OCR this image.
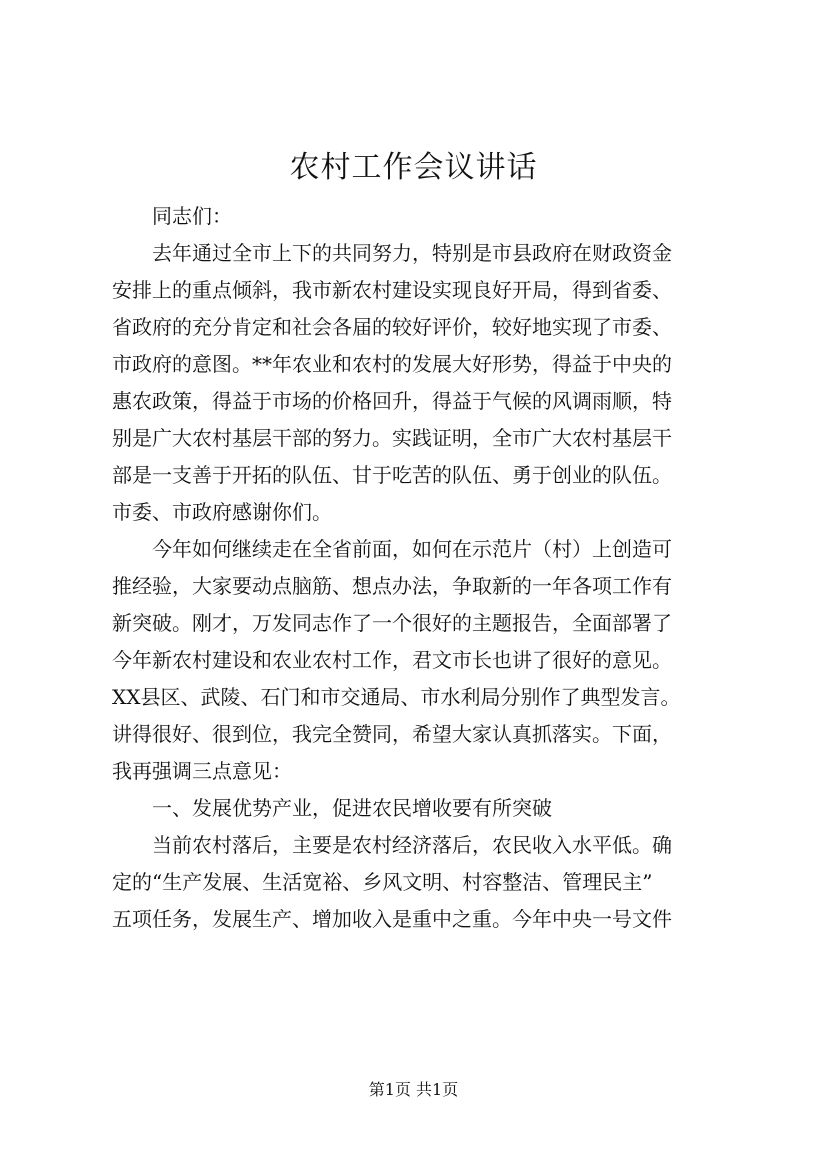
农村工作会议讲话
同志们：
去年通过全市上下的共同努力，特别是市县政府在财政资金
安排上的重点倾斜，我市新农村建设实现良好开局，得到省委、
省政府的充分肯定和社会各届的较好评价，较好地实现了市委、
市政府的意图。**年农业和农村的发展大好形势，得益于中央的
惠农政策，得益于市场的价格回升，得益于气候的风调雨顺，特
别是广大农村基层干部的努力。实践证明，全市广大农村基层干
部是一支善于开拓的队伍、甘于吃苦的队伍、勇于创业的队伍。
市委、市政府感谢你们。
今年如何继续走在全省前面，如何在示范片（村）上创造可
推经验，大家要动点脑筋、想点办法，争取新的一年各项工作有
新突破。刚才，万发同志作了一个很好的主题报告，全面部署了
今年新农村建设和农业农村工作，君文市长也讲了很好的意见。
XX县区、武陵、石门和市交通局、市水利局分别作了典型发言。
讲得很好、很到位，我完全赞同，希望大家认真抓落实。下面，
我再强调三点意见：
一、发展优势产业，促进农民增收要有所突破
当前农村落后，主要是农村经济落后，农民收入水平低。确
定的“生产发展、生活宽裕、乡风文明、村容整洁、管理民主”
五项任务，发展生产、增加收入是重中之重。今年中央一号文件
第1页 共1页
